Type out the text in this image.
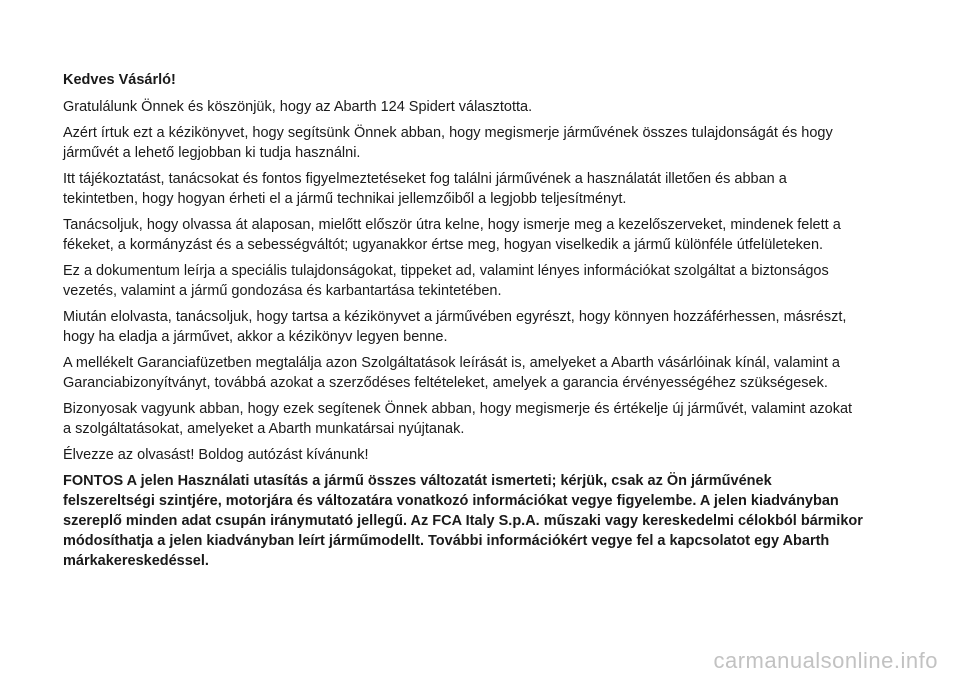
Kedves Vásárló!

Gratulálunk Önnek és köszönjük, hogy az Abarth 124 Spidert választotta.

Azért írtuk ezt a kézikönyvet, hogy segítsünk Önnek abban, hogy megismerje járművének összes tulajdonságát és hogy járművét a lehető legjobban ki tudja használni.

Itt tájékoztatást, tanácsokat és fontos figyelmeztetéseket fog találni járművének a használatát illetően és abban a tekintetben, hogy hogyan érheti el a jármű technikai jellemzőiből a legjobb teljesítményt.

Tanácsoljuk, hogy olvassa át alaposan, mielőtt először útra kelne, hogy ismerje meg a kezelőszerveket, mindenek felett a fékeket, a kormányzást és a sebességváltót; ugyanakkor értse meg, hogyan viselkedik a jármű különféle útfelületeken.

Ez a dokumentum leírja a speciális tulajdonságokat, tippeket ad, valamint lényes információkat szolgáltat a biztonságos vezetés, valamint a jármű gondozása és karbantartása tekintetében.

Miután elolvasta, tanácsoljuk, hogy tartsa a kézikönyvet a járművében egyrészt, hogy könnyen hozzáférhessen, másrészt, hogy ha eladja a járművet, akkor a kézikönyv legyen benne.

A mellékelt Garanciafüzetben megtalálja azon Szolgáltatások leírását is, amelyeket a Abarth vásárlóinak kínál, valamint a Garanciabizonyítványt, továbbá azokat a szerződéses feltételeket, amelyek a garancia érvényességéhez szükségesek.

Bizonyosak vagyunk abban, hogy ezek segítenek Önnek abban, hogy megismerje és értékelje új járművét, valamint azokat a szolgáltatásokat, amelyeket a Abarth munkatársai nyújtanak.

Élvezze az olvasást! Boldog autózást kívánunk!

FONTOS A jelen Használati utasítás a jármű összes változatát ismerteti; kérjük, csak az Ön járművének felszereltségi szintjére, motorjára és változatára vonatkozó információkat vegye figyelembe. A jelen kiadványban szereplő minden adat csupán iránymutató jellegű. Az FCA Italy S.p.A. műszaki vagy kereskedelmi célokból bármikor módosíthatja a jelen kiadványban leírt járműmodellt. További információkért vegye fel a kapcsolatot egy Abarth márkakereskedéssel.

carmanualsonline.info
